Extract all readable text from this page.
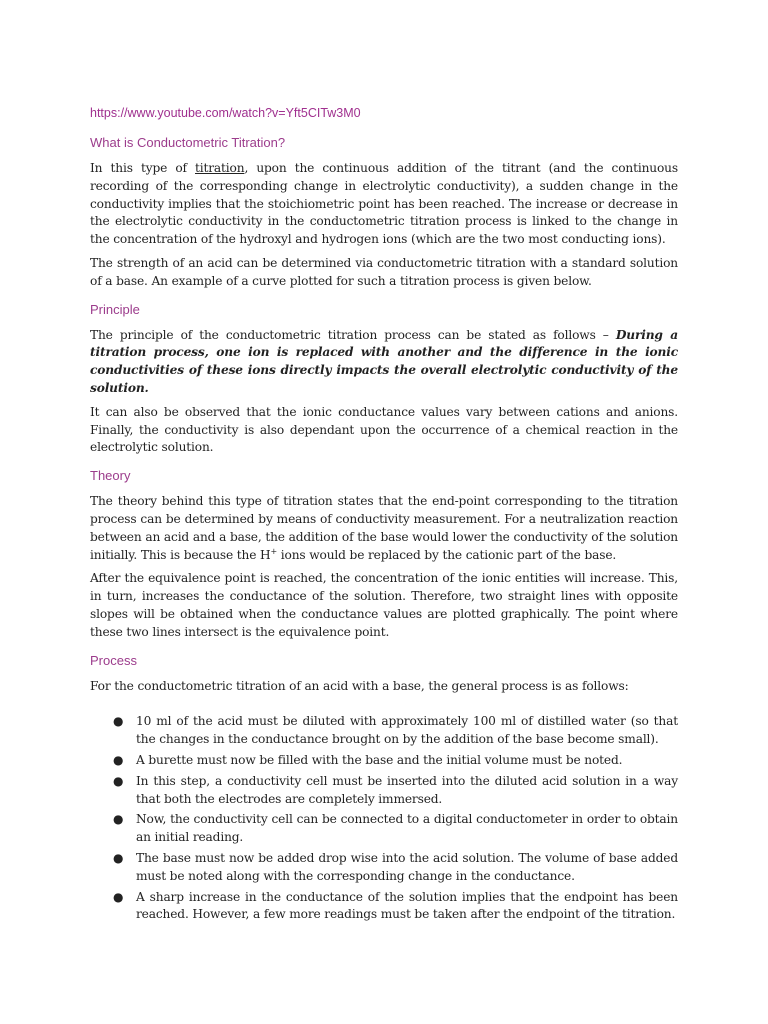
https://www.youtube.com/watch?v=Yft5CITw3M0
What is Conductometric Titration?

In this type of titration, upon the continuous addition of the titrant (and the continuous recording of the corresponding change in electrolytic conductivity), a sudden change in the conductivity implies that the stoichiometric point has been reached. The increase or decrease in the electrolytic conductivity in the conductometric titration process is linked to the change in the concentration of the hydroxyl and hydrogen ions (which are the two most conducting ions).

The strength of an acid can be determined via conductometric titration with a standard solution of a base. An example of a curve plotted for such a titration process is given below.

Principle

The principle of the conductometric titration process can be stated as follows – During a titration process, one ion is replaced with another and the difference in the ionic conductivities of these ions directly impacts the overall electrolytic conductivity of the solution.

It can also be observed that the ionic conductance values vary between cations and anions. Finally, the conductivity is also dependant upon the occurrence of a chemical reaction in the electrolytic solution.

Theory

The theory behind this type of titration states that the end-point corresponding to the titration process can be determined by means of conductivity measurement. For a neutralization reaction between an acid and a base, the addition of the base would lower the conductivity of the solution initially. This is because the H+ ions would be replaced by the cationic part of the base.

After the equivalence point is reached, the concentration of the ionic entities will increase. This, in turn, increases the conductance of the solution. Therefore, two straight lines with opposite slopes will be obtained when the conductance values are plotted graphically. The point where these two lines intersect is the equivalence point.

Process

For the conductometric titration of an acid with a base, the general process is as follows:

● 10 ml of the acid must be diluted with approximately 100 ml of distilled water (so that the changes in the conductance brought on by the addition of the base become small).
● A burette must now be filled with the base and the initial volume must be noted.
● In this step, a conductivity cell must be inserted into the diluted acid solution in a way that both the electrodes are completely immersed.
● Now, the conductivity cell can be connected to a digital conductometer in order to obtain an initial reading.
● The base must now be added drop wise into the acid solution. The volume of base added must be noted along with the corresponding change in the conductance.
● A sharp increase in the conductance of the solution implies that the endpoint has been reached. However, a few more readings must be taken after the endpoint of the titration.
